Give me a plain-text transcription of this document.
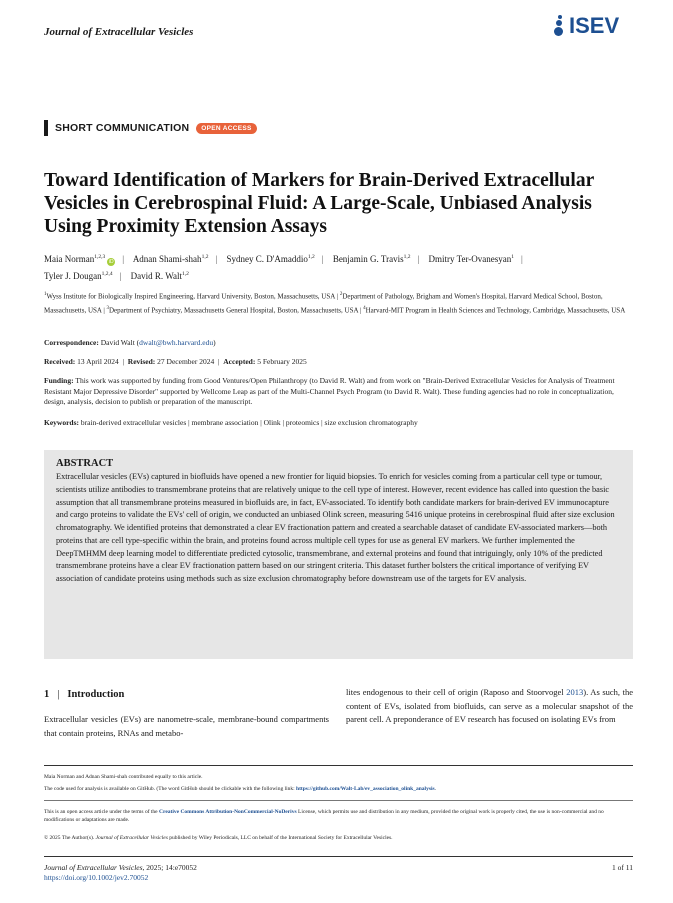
Journal of Extracellular Vesicles	ISEV
SHORT COMMUNICATION	OPEN ACCESS
Toward Identification of Markers for Brain-Derived Extracellular Vesicles in Cerebrospinal Fluid: A Large-Scale, Unbiased Analysis Using Proximity Extension Assays
Maia Norman$^{1,2,3}$iD | Adnan Shami-shah$^{1,2}$ | Sydney C. D'Amaddio$^{1,2}$ | Benjamin G. Travis$^{1,2}$ | Dmitry Ter-Ovanesyan$^1$ |
Tyler J. Dougan$^{1,2,4}$ | David R. Walt$^{1,2}$
$^1$Wyss Institute for Biologically Inspired Engineering, Harvard University, Boston, Massachusetts, USA | $^2$Department of Pathology, Brigham and Women's Hospital, Harvard Medical School, Boston, Massachusetts, USA | $^3$Department of Psychiatry, Massachusetts General Hospital, Boston, Massachusetts, USA | $^4$Harvard-MIT Program in Health Sciences and Technology, Cambridge, Massachusetts, USA
Correspondence: David Walt (dwalt@bwh.harvard.edu)
Received: 13 April 2024  |  Revised: 27 December 2024  |  Accepted: 5 February 2025
Funding: This work was supported by funding from Good Ventures/Open Philanthropy (to David R. Walt) and from work on "Brain-Derived Extracellular Vesicles for Analysis of Treatment Resistant Major Depressive Disorder" supported by Wellcome Leap as part of the Multi-Channel Psych Program (to David R. Walt). These funding agencies had no role in conceptualization, design, analysis, decision to publish or preparation of the manuscript.
Keywords: brain-derived extracellular vesicles | membrane association | Olink | proteomics | size exclusion chromatography
ABSTRACT
Extracellular vesicles (EVs) captured in biofluids have opened a new frontier for liquid biopsies. To enrich for vesicles coming from a particular cell type or tumour, scientists utilize antibodies to transmembrane proteins that are relatively unique to the cell type of interest. However, recent evidence has called into question the basic assumption that all transmembrane proteins measured in biofluids are, in fact, EV-associated. To identify both candidate markers for brain-derived EV immunocapture and cargo proteins to validate the EVs' cell of origin, we conducted an unbiased Olink screen, measuring 5416 unique proteins in cerebrospinal fluid after size exclusion chromatography. We identified proteins that demonstrated a clear EV fractionation pattern and created a searchable dataset of candidate EV-associated markers—both proteins that are cell type-specific within the brain, and proteins found across multiple cell types for use as general EV markers. We further implemented the DeepTMHMM deep learning model to differentiate predicted cytosolic, transmembrane, and external proteins and found that intriguingly, only 10% of the predicted transmembrane proteins have a clear EV fractionation pattern based on our stringent criteria. This dataset further bolsters the critical importance of verifying EV association of candidate proteins using methods such as size exclusion chromatography before downstream use of the targets for EV analysis.
1 | Introduction
Extracellular vesicles (EVs) are nanometre-scale, membrane-bound compartments that contain proteins, RNAs and metabo-
lites endogenous to their cell of origin (Raposo and Stoorvogel 2013). As such, the content of EVs, isolated from biofluids, can serve as a molecular snapshot of the parent cell. A preponderance of EV research has focused on isolating EVs from
Maia Norman and Adnan Shami-shah contributed equally to this article.
The code used for analysis is available on GitHub. (The word GitHub should be clickable with the following link: https://github.com/Walt-Lab/ev_association_olink_analysis.
This is an open access article under the terms of the Creative Commons Attribution-NonCommercial-NoDerivs License, which permits use and distribution in any medium, provided the original work is properly cited, the use is non-commercial and no modifications or adaptations are made.
© 2025 The Author(s). Journal of Extracellular Vesicles published by Wiley Periodicals, LLC on behalf of the International Society for Extracellular Vesicles.
Journal of Extracellular Vesicles, 2025; 14:e70052
https://doi.org/10.1002/jev2.70052
1 of 11
